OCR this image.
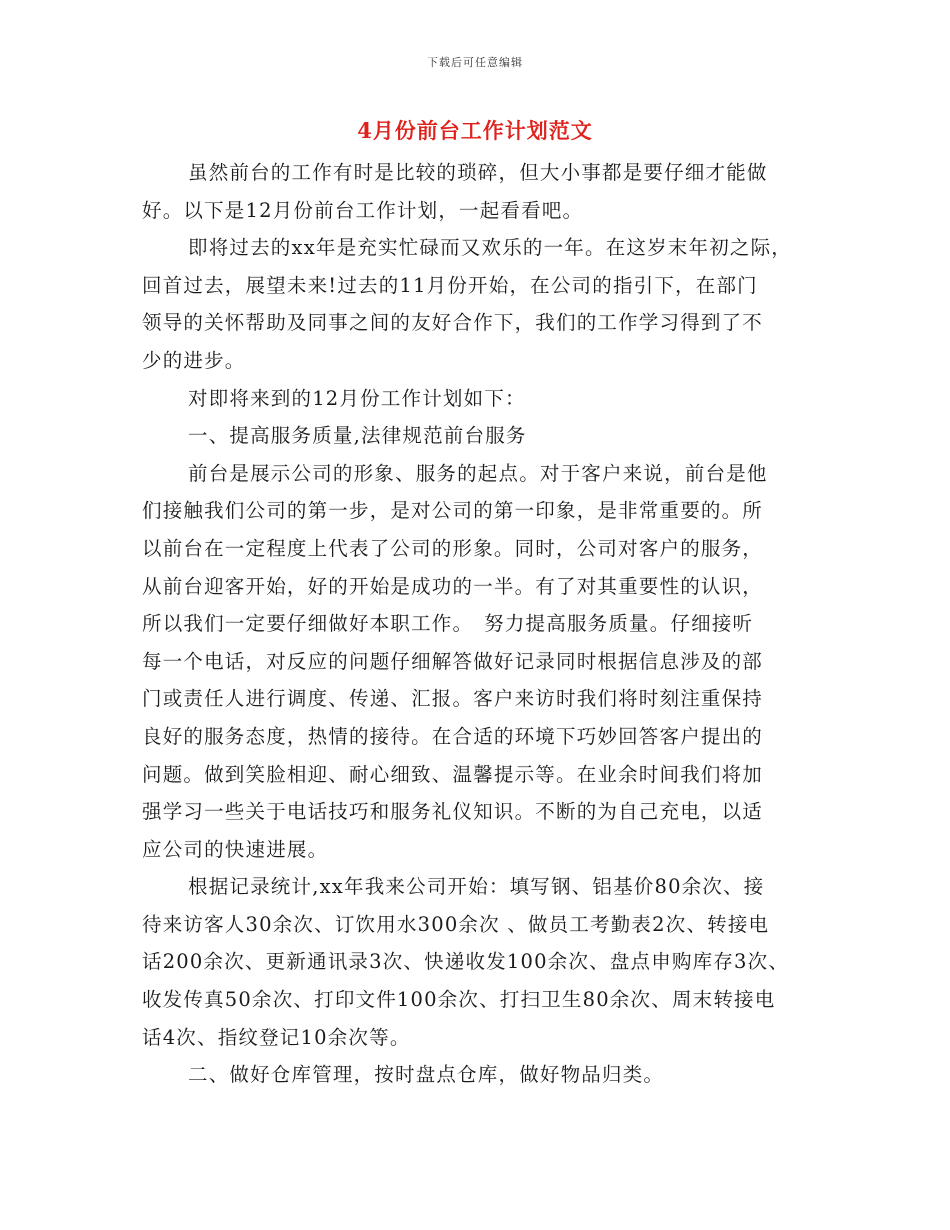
下载后可任意编辑
4月份前台工作计划范文
虽然前台的工作有时是比较的琐碎，但大小事都是要仔细才能做
好。以下是12月份前台工作计划，一起看看吧。
即将过去的xx年是充实忙碌而又欢乐的一年。在这岁末年初之际，
回首过去，展望未来!过去的11月份开始，在公司的指引下，在部门
领导的关怀帮助及同事之间的友好合作下，我们的工作学习得到了不
少的进步。
对即将来到的12月份工作计划如下：
一、提高服务质量,法律规范前台服务
前台是展示公司的形象、服务的起点。对于客户来说，前台是他
们接触我们公司的第一步，是对公司的第一印象，是非常重要的。所
以前台在一定程度上代表了公司的形象。同时，公司对客户的服务，
从前台迎客开始，好的开始是成功的一半。有了对其重要性的认识，
所以我们一定要仔细做好本职工作。　努力提高服务质量。仔细接听
每一个电话，对反应的问题仔细解答做好记录同时根据信息涉及的部
门或责任人进行调度、传递、汇报。客户来访时我们将时刻注重保持
良好的服务态度，热情的接待。在合适的环境下巧妙回答客户提出的
问题。做到笑脸相迎、耐心细致、温馨提示等。在业余时间我们将加
强学习一些关于电话技巧和服务礼仪知识。不断的为自己充电，以适
应公司的快速进展。
根据记录统计,xx年我来公司开始：填写钢、铝基价80余次、接
待来访客人30余次、订饮用水300余次 、做员工考勤表2次、转接电
话200余次、更新通讯录3次、快递收发100余次、盘点申购库存3次、
收发传真50余次、打印文件100余次、打扫卫生80余次、周末转接电
话4次、指纹登记10余次等。
二、做好仓库管理，按时盘点仓库，做好物品归类。
